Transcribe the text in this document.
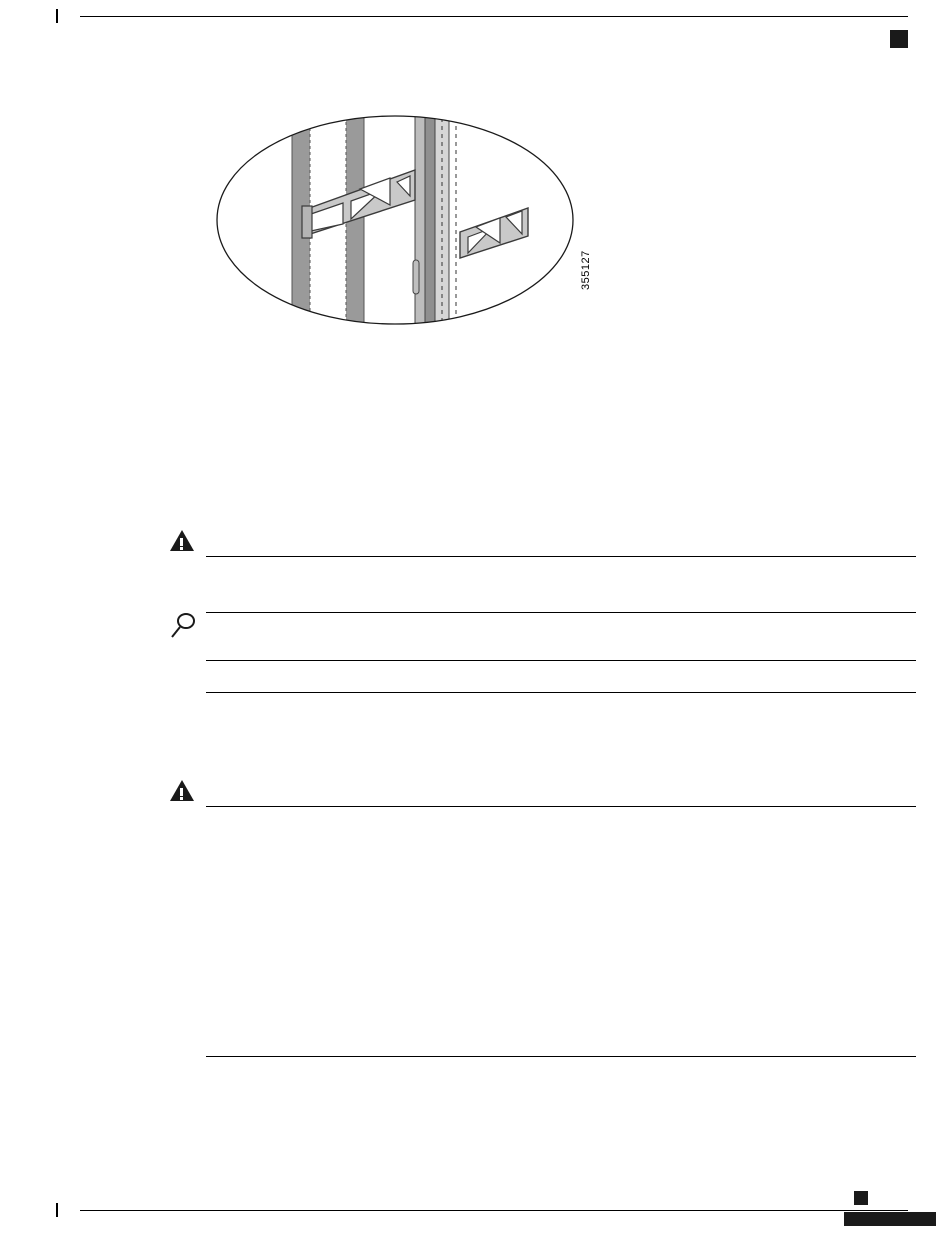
355127
